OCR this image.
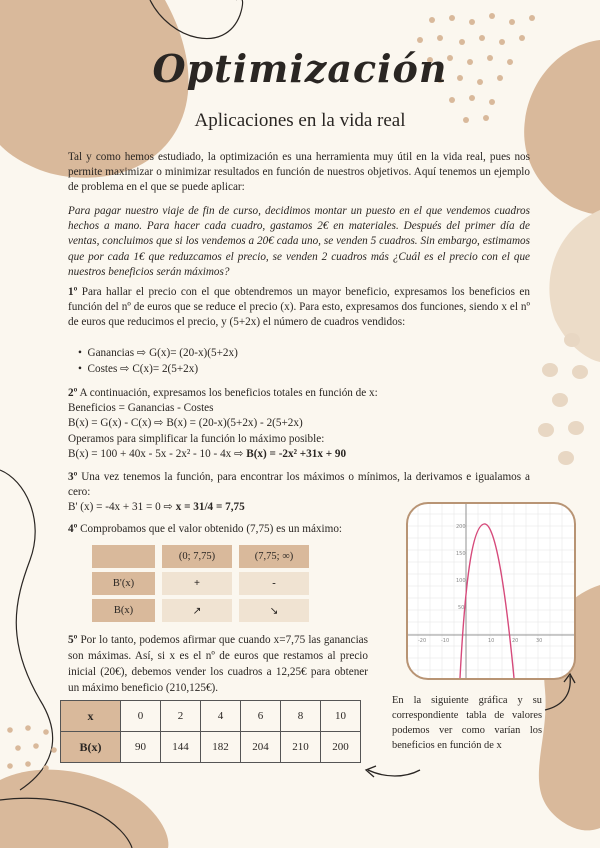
Optimización
Aplicaciones en la vida real
Tal y como hemos estudiado, la optimización es una herramienta muy útil en la vida real, pues nos permite maximizar o minimizar resultados en función de nuestros objetivos. Aquí tenemos un ejemplo de problema en el que se puede aplicar:
Para pagar nuestro viaje de fin de curso, decidimos montar un puesto en el que vendemos cuadros hechos a mano. Para hacer cada cuadro, gastamos 2€ en materiales. Después del primer día de ventas, concluimos que si los vendemos a 20€ cada uno, se venden 5 cuadros. Sin embargo, estimamos que por cada 1€ que reduzcamos el precio, se venden 2 cuadros más ¿Cuál es el precio con el que nuestros beneficios serán máximos?
1º Para hallar el precio con el que obtendremos un mayor beneficio, expresamos los beneficios en función del nº de euros que se reduce el precio (x). Para esto, expresamos dos funciones, siendo x el nº de euros que reducimos el precio, y (5+2x) el número de cuadros vendidos:
•  Ganancias ⇨ G(x)= (20-x)(5+2x)
•  Costes ⇨ C(x)= 2(5+2x)
2º A continuación, expresamos los beneficios totales en función de x:
Beneficios = Ganancias - Costes
B(x) = G(x) - C(x) ⇨ B(x) = (20-x)(5+2x) - 2(5+2x)
Operamos para simplificar la función lo máximo posible:
B(x) = 100 + 40x - 5x - 2x² - 10 - 4x ⇨ B(x) = -2x² +31x + 90
3º Una vez tenemos la función, para encontrar los máximos o mínimos, la derivamos e igualamos a cero:
B' (x) = -4x + 31 = 0 ⇨ x = 31/4 = 7,75
4º Comprobamos que el valor obtenido (7,75) es un máximo:
	(0; 7,75)	(7,75; ∞)
B'(x)	+	-
B(x)	↗	↘
5º Por lo tanto, podemos afirmar que cuando x=7,75 las ganancias son máximas. Así, si x es el nº de euros que restamos al precio inicial (20€), debemos vender los cuadros a 12,25€ para obtener un máximo beneficio (210,125€).
200
150
100
50
-20	-10	10	20	30
x	0	2	4	6	8	10
B(x)	90	144	182	204	210	200
En la siguiente gráfica y su correspondiente tabla de valores podemos ver como varían los beneficios en función de x
